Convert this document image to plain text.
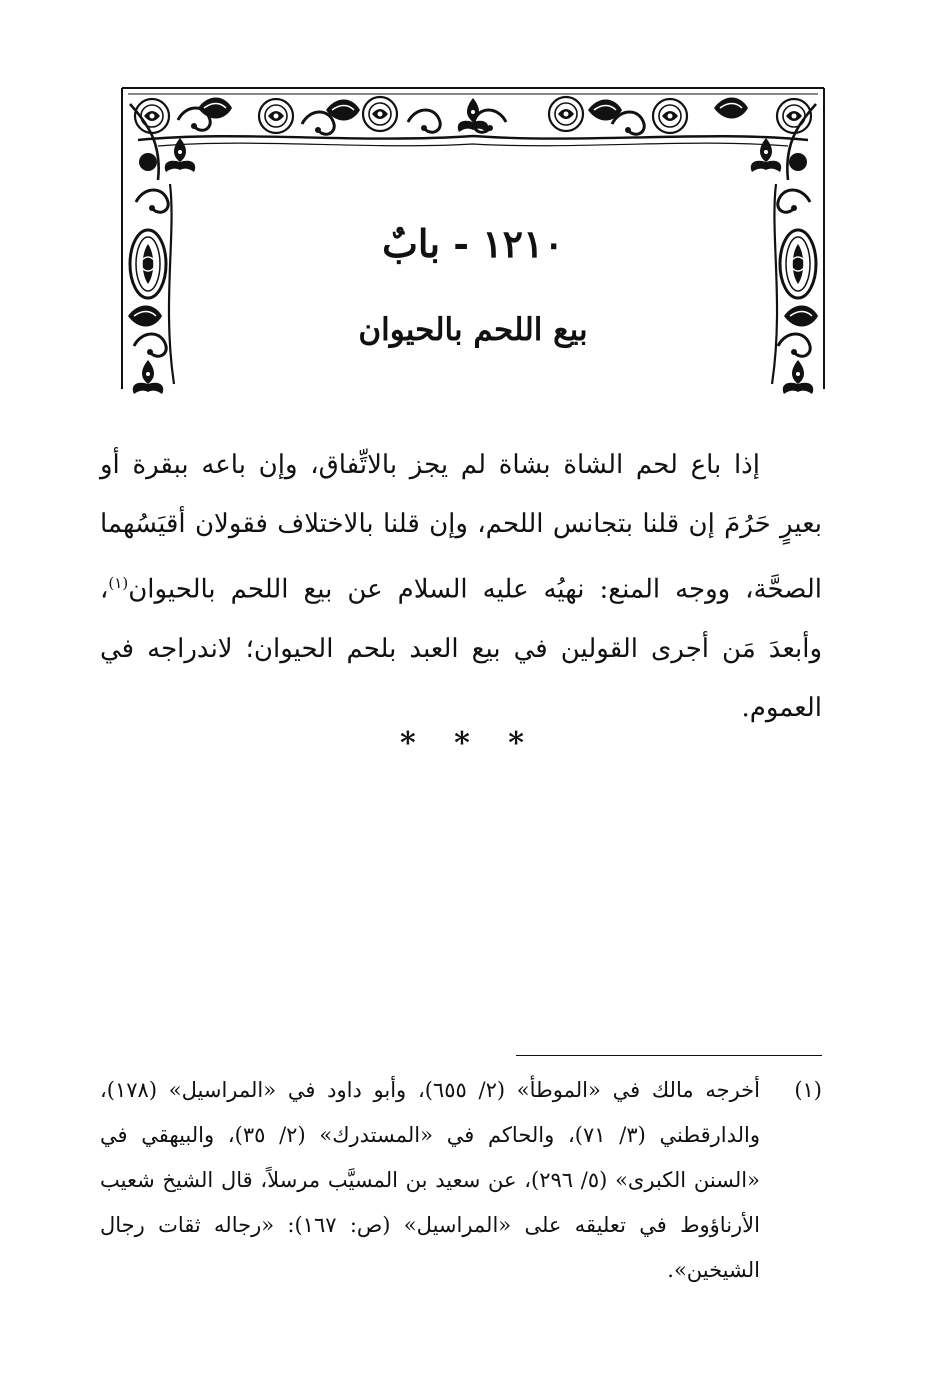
١٢١٠ - بابٌ
بيع اللحم بالحيوان

إذا باع لحم الشاة بشاة لم يجز بالاتِّفاق، وإن باعه ببقرة أو بعيرٍ حَرُمَ إن قلنا بتجانس اللحم، وإن قلنا بالاختلاف فقولان أقيَسُهما الصحَّة، ووجه المنع: نهيُه عليه السلام عن بيع اللحم بالحيوان$^{(١)}$، وأبعدَ مَن أجرى القولين في بيع العبد بلحم الحيوان؛ لاندراجه في العموم.

* * *
(١)
أخرجه مالك في «الموطأ» (٢/ ٦٥٥)، وأبو داود في «المراسيل» (١٧٨)، والدارقطني (٣/ ٧١)، والحاكم في «المستدرك» (٢/ ٣٥)، والبيهقي في «السنن الكبرى» (٥/ ٢٩٦)، عن سعيد بن المسيَّب مرسلاً، قال الشيخ شعيب الأرناؤوط في تعليقه على «المراسيل» (ص: ١٦٧): «رجاله ثقات رجال الشيخين».
